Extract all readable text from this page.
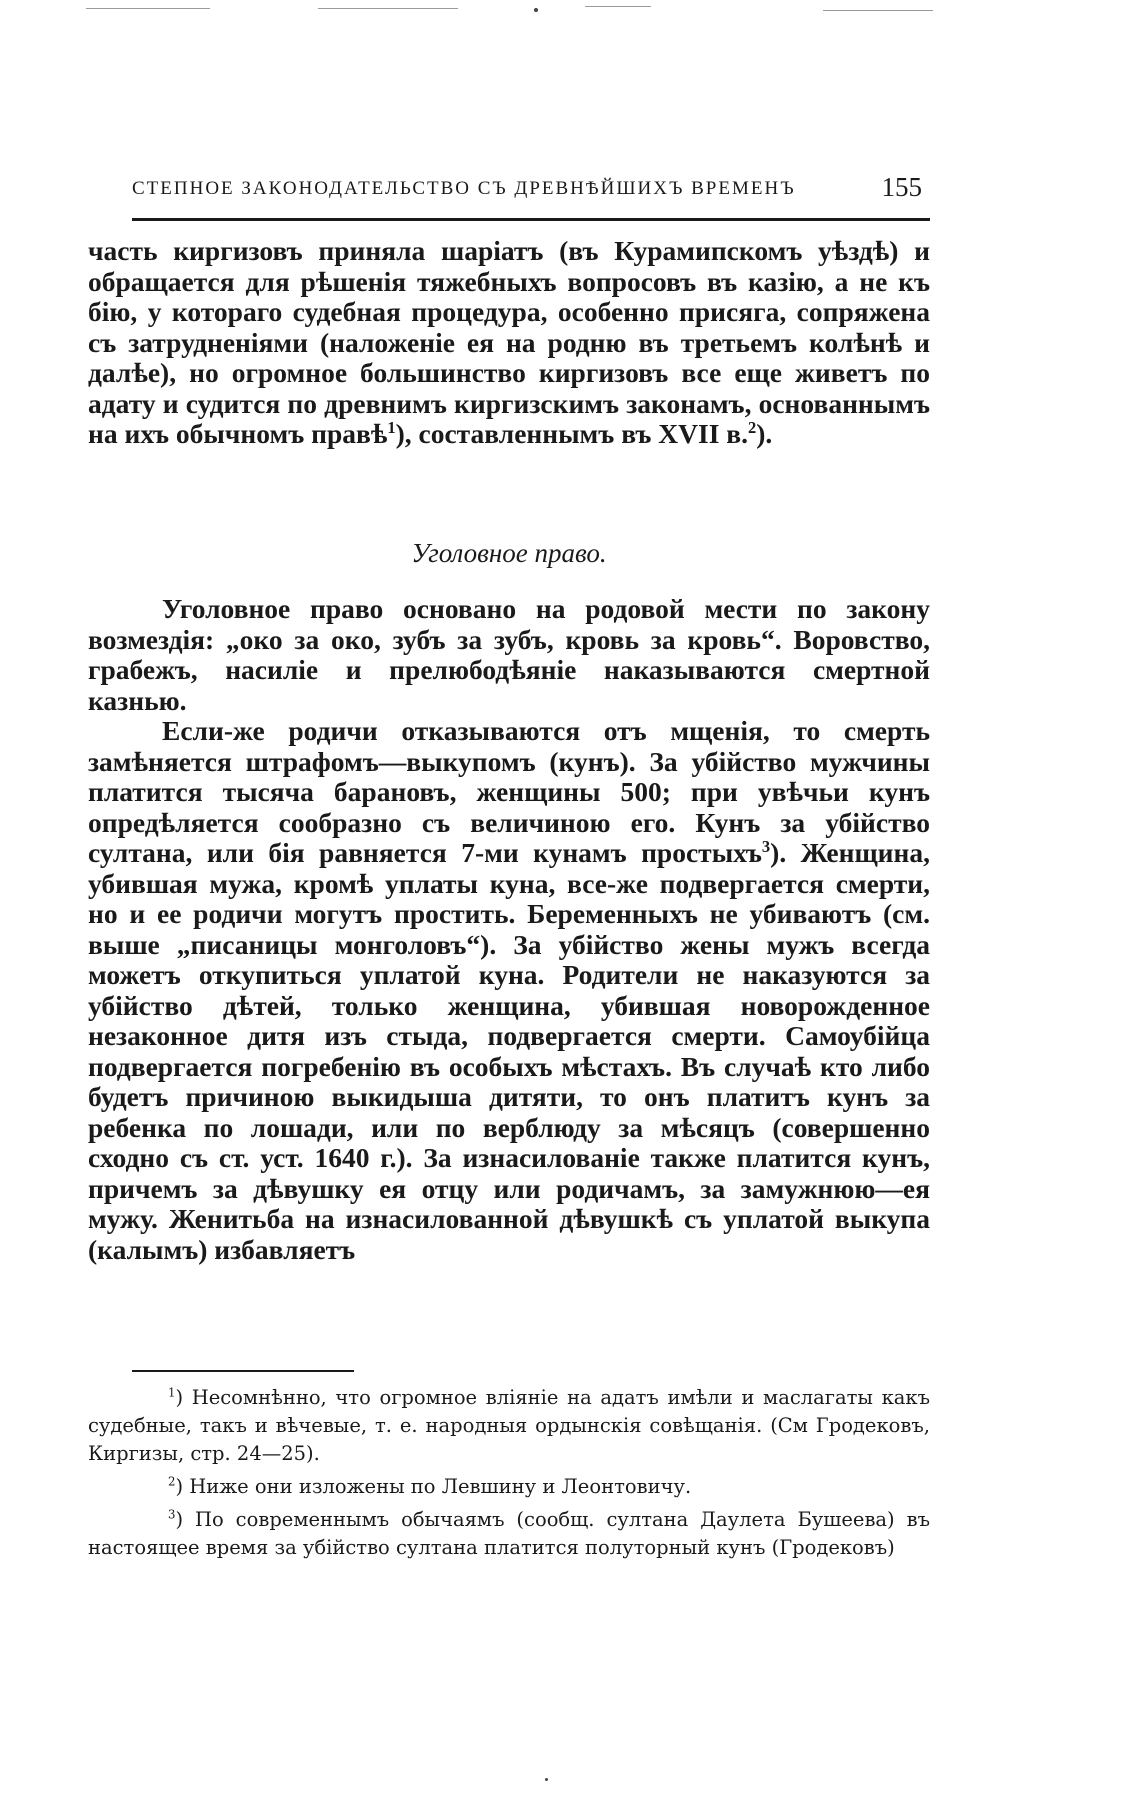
СТЕПНОЕ ЗАКОНОДАТЕЛЬСТВО СЪ ДРЕВНѢЙШИХЪ ВРЕМЕНЪ	155

часть киргизовъ приняла шаріатъ (въ Курамипскомъ уѣздѣ) и обращается для рѣшенія тяжебныхъ вопросовъ въ казію, а не къ бію, у котораго судебная процедура, особенно присяга, сопряжена съ затрудненіями (наложеніе ея на родню въ третьемъ колѣнѣ и далѣе), но огромное большинство киргизовъ все еще живетъ по адату и судится по древнимъ киргизскимъ законамъ, основаннымъ на ихъ обычномъ правѣ$^1$), составленнымъ въ XVII в.$^2$).

Уголовное право.

Уголовное право основано на родовой мести по закону возмездія: „око за око, зубъ за зубъ, кровь за кровь“. Воровство, грабежъ, насиліе и прелюбодѣяніе наказываются смертной казнью.

Если-же родичи отказываются отъ мщенія, то смерть замѣняется штрафомъ—выкупомъ (кунъ). За убійство мужчины платится тысяча барановъ, женщины 500; при увѣчьи кунъ опредѣляется сообразно съ величиною его. Кунъ за убійство султана, или бія равняется 7-ми кунамъ простыхъ$^3$). Женщина, убившая мужа, кромѣ уплаты куна, все-же подвергается смерти, но и ее родичи могутъ простить. Беременныхъ не убиваютъ (см. выше „писаницы монголовъ“). За убійство жены мужъ всегда можетъ откупиться уплатой куна. Родители не наказуются за убійство дѣтей, только женщина, убившая новорожденное незаконное дитя изъ стыда, подвергается смерти. Самоубійца подвергается погребенію въ особыхъ мѣстахъ. Въ случаѣ кто либо будетъ причиною выкидыша дитяти, то онъ платитъ кунъ за ребенка по лошади, или по верблюду за мѣсяцъ (совершенно сходно съ ст. уст. 1640 г.). За изнасилованіе также платится кунъ, причемъ за дѣвушку ея отцу или родичамъ, за замужнюю—ея мужу. Женитьба на изнасилованной дѣвушкѣ съ уплатой выкупа (калымъ) избавляетъ

$^1$) Несомнѣнно, что огромное вліяніе на адатъ имѣли и маслагаты какъ судебные, такъ и вѣчевые, т. е. народныя ордынскія совѣщанія. (См Гродековъ, Киргизы, стр. 24—25).

$^2$) Ниже они изложены по Левшину и Леонтовичу.

$^3$) По современнымъ обычаямъ (сообщ. султана Даулета Бушеева) въ настоящее время за убійство султана платится полуторный кунъ (Гродековъ)
